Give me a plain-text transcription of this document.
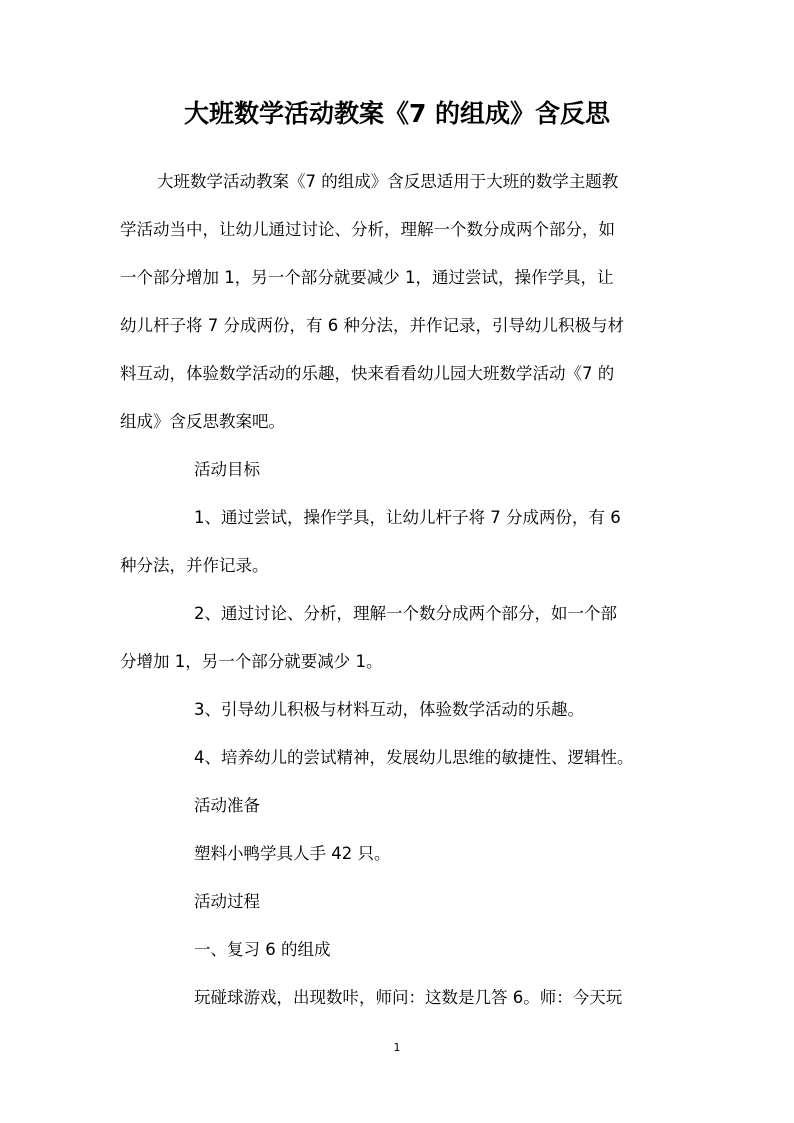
大班数学活动教案《7 的组成》含反思
大班数学活动教案《7 的组成》含反思适用于大班的数学主题教
学活动当中，让幼儿通过讨论、分析，理解一个数分成两个部分，如
一个部分增加 1，另一个部分就要减少 1，通过尝试，操作学具，让
幼儿杆子将 7 分成两份，有 6 种分法，并作记录，引导幼儿积极与材
料互动，体验数学活动的乐趣，快来看看幼儿园大班数学活动《7 的
组成》含反思教案吧。
活动目标
1、通过尝试，操作学具，让幼儿杆子将 7 分成两份，有 6
种分法，并作记录。
2、通过讨论、分析，理解一个数分成两个部分，如一个部
分增加 1，另一个部分就要减少 1。
3、引导幼儿积极与材料互动，体验数学活动的乐趣。
4、培养幼儿的尝试精神，发展幼儿思维的敏捷性、逻辑性。
活动准备
塑料小鸭学具人手 42 只。
活动过程
一、复习 6 的组成
玩碰球游戏，出现数咔，师问：这数是几答 6。师：今天玩
1
